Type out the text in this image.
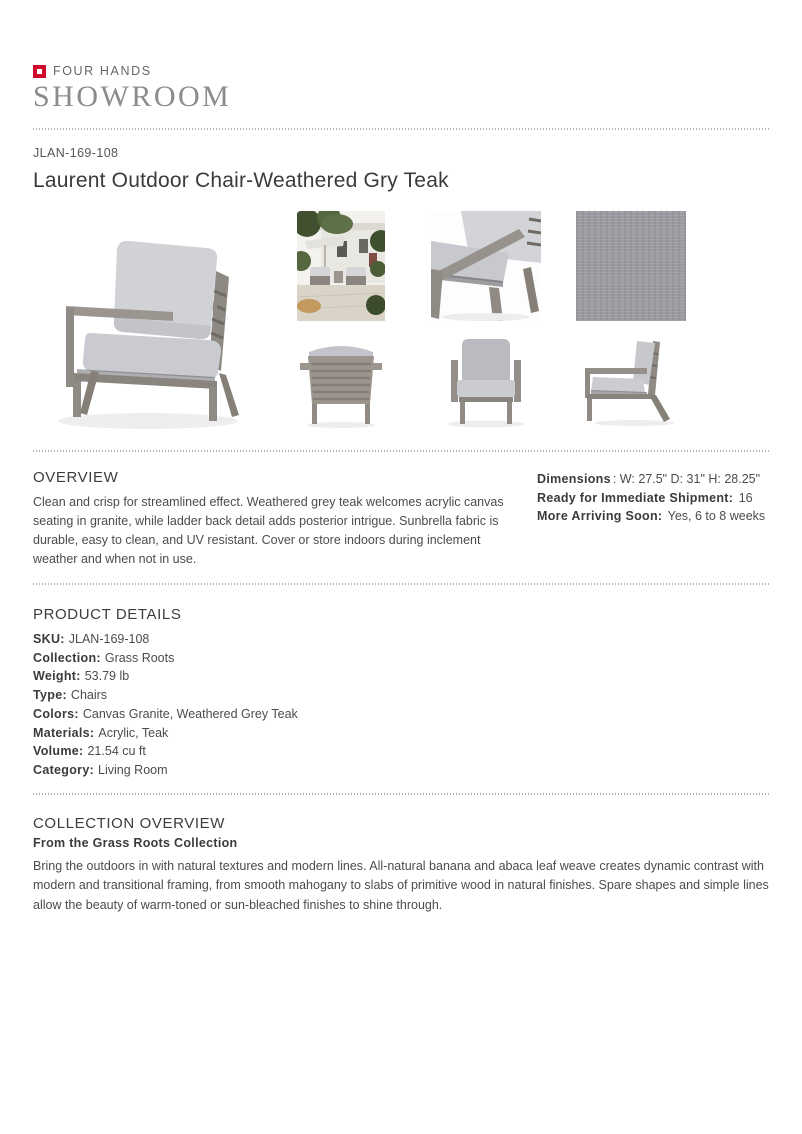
FOUR HANDS
SHOWROOM
JLAN-169-108
Laurent Outdoor Chair-Weathered Gry Teak
OVERVIEW

Clean and crisp for streamlined effect. Weathered grey teak welcomes acrylic canvas seating in granite, while ladder back detail adds posterior intrigue. Sunbrella fabric is durable, easy to clean, and UV resistant. Cover or store indoors during inclement weather and when not in use.

Dimensions : W: 27.5" D: 31" H: 28.25"
Ready for Immediate Shipment: 16
More Arriving Soon: Yes, 6 to 8 weeks
PRODUCT DETAILS
SKU: JLAN-169-108
Collection: Grass Roots
Weight: 53.79 lb
Type: Chairs
Colors: Canvas Granite, Weathered Grey Teak
Materials: Acrylic, Teak
Volume: 21.54 cu ft
Category: Living Room
COLLECTION OVERVIEW
From the Grass Roots Collection

Bring the outdoors in with natural textures and modern lines. All-natural banana and abaca leaf weave creates dynamic contrast with modern and transitional framing, from smooth mahogany to slabs of primitive wood in natural finishes. Spare shapes and simple lines allow the beauty of warm-toned or sun-bleached finishes to shine through.
